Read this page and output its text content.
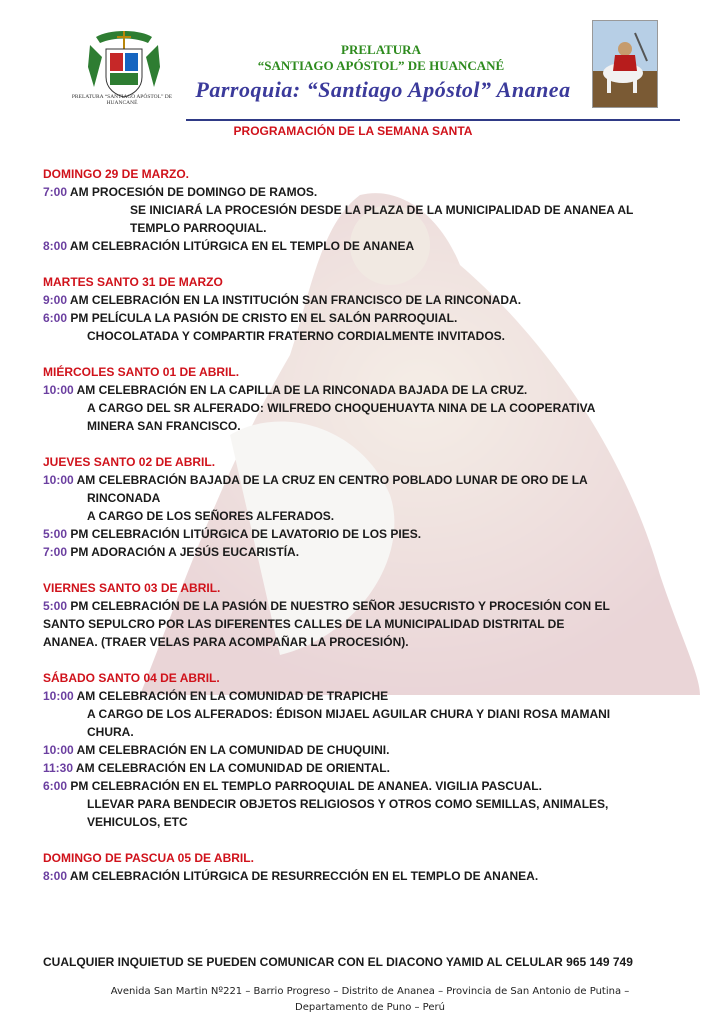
PRELATURA “SANTIAGO APÓSTOL” DE HUANCANÉ
PRELATURA
“SANTIAGO APÓSTOL” DE HUANCANÉ
Parroquia: “Santiago Apóstol” Ananea
PROGRAMACIÓN DE LA SEMANA SANTA
DOMINGO 29 DE MARZO.
7:00 AM PROCESIÓN DE DOMINGO DE RAMOS.
SE INICIARÁ LA PROCESIÓN DESDE LA PLAZA DE LA MUNICIPALIDAD DE ANANEA AL
TEMPLO PARROQUIAL.
8:00 AM CELEBRACIÓN LITÚRGICA EN EL TEMPLO DE ANANEA
MARTES SANTO 31 DE MARZO
9:00 AM CELEBRACIÓN EN LA INSTITUCIÓN SAN FRANCISCO DE LA RINCONADA.
6:00 PM PELÍCULA LA PASIÓN DE CRISTO EN EL SALÓN PARROQUIAL.
CHOCOLATADA Y COMPARTIR FRATERNO CORDIALMENTE INVITADOS.
MIÉRCOLES SANTO 01 DE ABRIL.
10:00 AM CELEBRACIÓN EN LA CAPILLA DE LA RINCONADA BAJADA DE LA CRUZ.
A CARGO DEL SR ALFERADO: WILFREDO CHOQUEHUAYTA NINA DE LA COOPERATIVA
MINERA SAN FRANCISCO.
JUEVES SANTO 02 DE ABRIL.
10:00 AM CELEBRACIÓN BAJADA DE LA CRUZ EN CENTRO POBLADO LUNAR DE ORO DE LA
RINCONADA
A CARGO DE LOS SEÑORES ALFERADOS.
5:00 PM CELEBRACIÓN LITÚRGICA DE LAVATORIO DE LOS PIES.
7:00 PM ADORACIÓN A JESÚS EUCARISTÍA.
VIERNES SANTO 03 DE ABRIL.
5:00 PM CELEBRACIÓN DE LA PASIÓN DE NUESTRO SEÑOR JESUCRISTO Y PROCESIÓN CON EL
SANTO SEPULCRO POR LAS DIFERENTES CALLES DE LA MUNICIPALIDAD DISTRITAL DE
ANANEA. (TRAER VELAS PARA ACOMPAÑAR LA PROCESIÓN).
SÁBADO SANTO 04 DE ABRIL.
10:00 AM CELEBRACIÓN EN LA COMUNIDAD DE TRAPICHE
A CARGO DE LOS ALFERADOS: ÉDISON MIJAEL AGUILAR CHURA Y DIANI ROSA MAMANI
CHURA.
10:00 AM CELEBRACIÓN EN LA COMUNIDAD DE CHUQUINI.
11:30 AM CELEBRACIÓN EN LA COMUNIDAD DE ORIENTAL.
6:00 PM CELEBRACIÓN EN EL TEMPLO PARROQUIAL DE ANANEA. VIGILIA PASCUAL.
LLEVAR PARA BENDECIR OBJETOS RELIGIOSOS Y OTROS COMO SEMILLAS, ANIMALES,
VEHICULOS, ETC
DOMINGO DE PASCUA 05 DE ABRIL.
8:00 AM CELEBRACIÓN LITÚRGICA DE RESURRECCIÓN EN EL TEMPLO DE ANANEA.
CUALQUIER INQUIETUD SE PUEDEN COMUNICAR CON EL DIACONO YAMID AL CELULAR 965 149 749
Avenida San Martin Nº221 – Barrio Progreso – Distrito de Ananea – Provincia de San Antonio de Putina – Departamento de Puno – Perú
